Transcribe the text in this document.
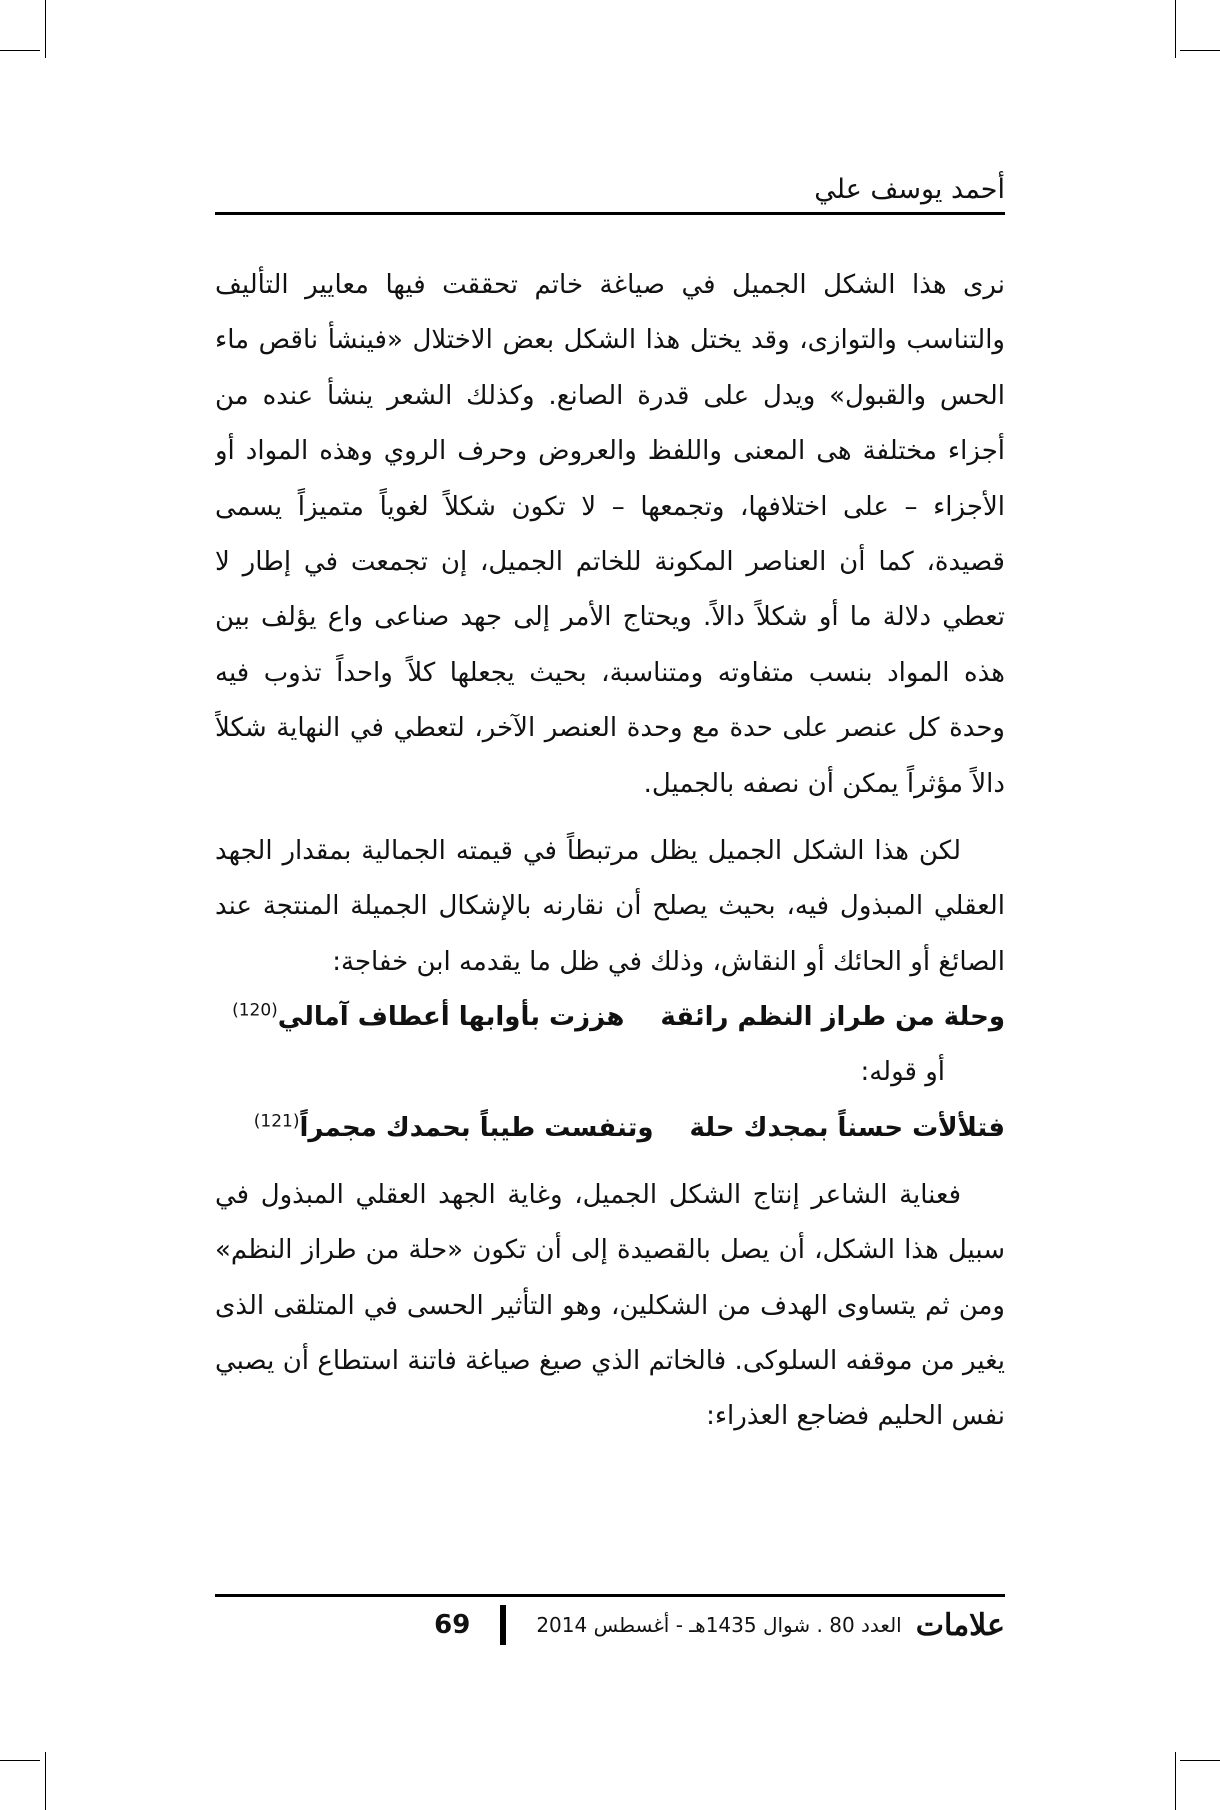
أحمد يوسف علي

نرى هذا الشكل الجميل في صياغة خاتم تحققت فيها معايير التأليف والتناسب والتوازى، وقد يختل هذا الشكل بعض الاختلال «فينشأ ناقص ماء الحس والقبول» ويدل على قدرة الصانع. وكذلك الشعر ينشأ عنده من أجزاء مختلفة هى المعنى واللفظ والعروض وحرف الروي وهذه المواد أو الأجزاء – على اختلافها، وتجمعها – لا تكون شكلاً لغوياً متميزاً يسمى قصيدة، كما أن العناصر المكونة للخاتم الجميل، إن تجمعت في إطار لا تعطي دلالة ما أو شكلاً دالاً. ويحتاج الأمر إلى جهد صناعى واع يؤلف بين هذه المواد بنسب متفاوته ومتناسبة، بحيث يجعلها كلاً واحداً تذوب فيه وحدة كل عنصر على حدة مع وحدة العنصر الآخر، لتعطي في النهاية شكلاً دالاً مؤثراً يمكن أن نصفه بالجميل.

لكن هذا الشكل الجميل يظل مرتبطاً في قيمته الجمالية بمقدار الجهد العقلي المبذول فيه، بحيث يصلح أن نقارنه بالإشكال الجميلة المنتجة عند الصائغ أو الحائك أو النقاش، وذلك في ظل ما يقدمه ابن خفاجة:

وحلة من طراز النظم رائقة
هززت بأوابها أعطاف آمالي$^{(120)}$
أو قوله:
فتلألأت حسناً بمجدك حلة
وتنفست طيباً بحمدك مجمراً$^{(121)}$

فعناية الشاعر إنتاج الشكل الجميل، وغاية الجهد العقلي المبذول في سبيل هذا الشكل، أن يصل بالقصيدة إلى أن تكون «حلة من طراز النظم» ومن ثم يتساوى الهدف من الشكلين، وهو التأثير الحسى في المتلقى الذى يغير من موقفه السلوكى. فالخاتم الذي صيغ صياغة فاتنة استطاع أن يصبي نفس الحليم فضاجع العذراء:

علامات
العدد 80 . شوال 1435هـ - أغسطس 2014
69
